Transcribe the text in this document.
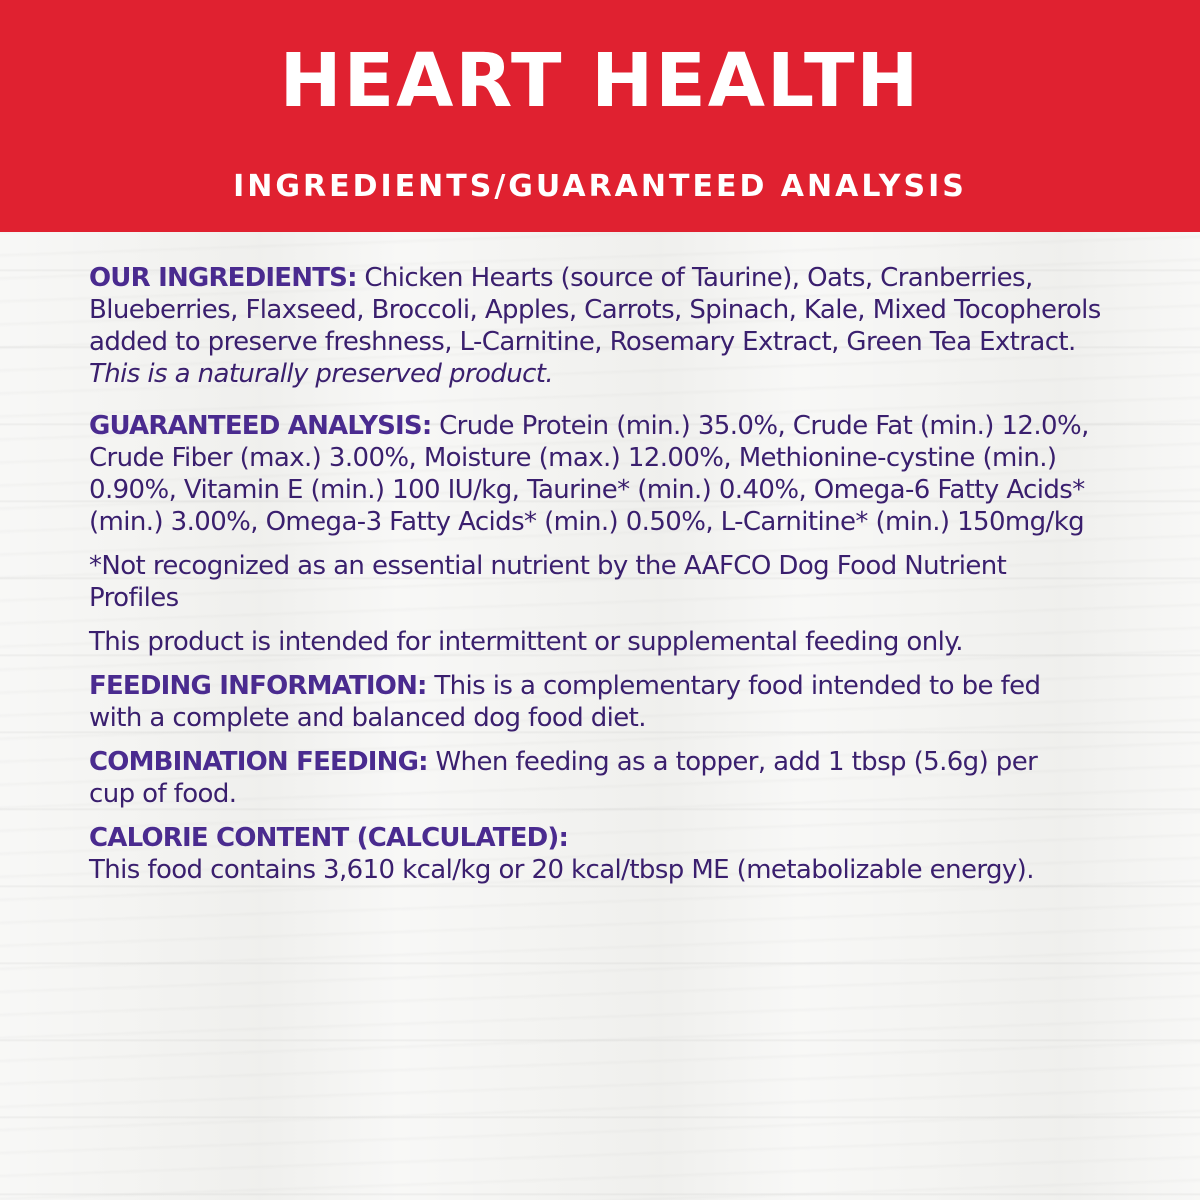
HEART HEALTH
INGREDIENTS/GUARANTEED ANALYSIS

OUR INGREDIENTS: Chicken Hearts (source of Taurine), Oats, Cranberries, Blueberries, Flaxseed, Broccoli, Apples, Carrots, Spinach, Kale, Mixed Tocopherols added to preserve freshness, L-Carnitine, Rosemary Extract, Green Tea Extract.

This is a naturally preserved product.

GUARANTEED ANALYSIS: Crude Protein (min.) 35.0%, Crude Fat (min.) 12.0%, Crude Fiber (max.) 3.00%, Moisture (max.) 12.00%, Methionine-cystine (min.) 0.90%, Vitamin E (min.) 100 IU/kg, Taurine* (min.) 0.40%, Omega-6 Fatty Acids* (min.) 3.00%, Omega-3 Fatty Acids* (min.) 0.50%, L-Carnitine* (min.) 150mg/kg

*Not recognized as an essential nutrient by the AAFCO Dog Food Nutrient Profiles

This product is intended for intermittent or supplemental feeding only.

FEEDING INFORMATION: This is a complementary food intended to be fed with a complete and balanced dog food diet.

COMBINATION FEEDING: When feeding as a topper, add 1 tbsp (5.6g) per cup of food.

CALORIE CONTENT (CALCULATED):
This food contains 3,610 kcal/kg or 20 kcal/tbsp ME (metabolizable energy).
